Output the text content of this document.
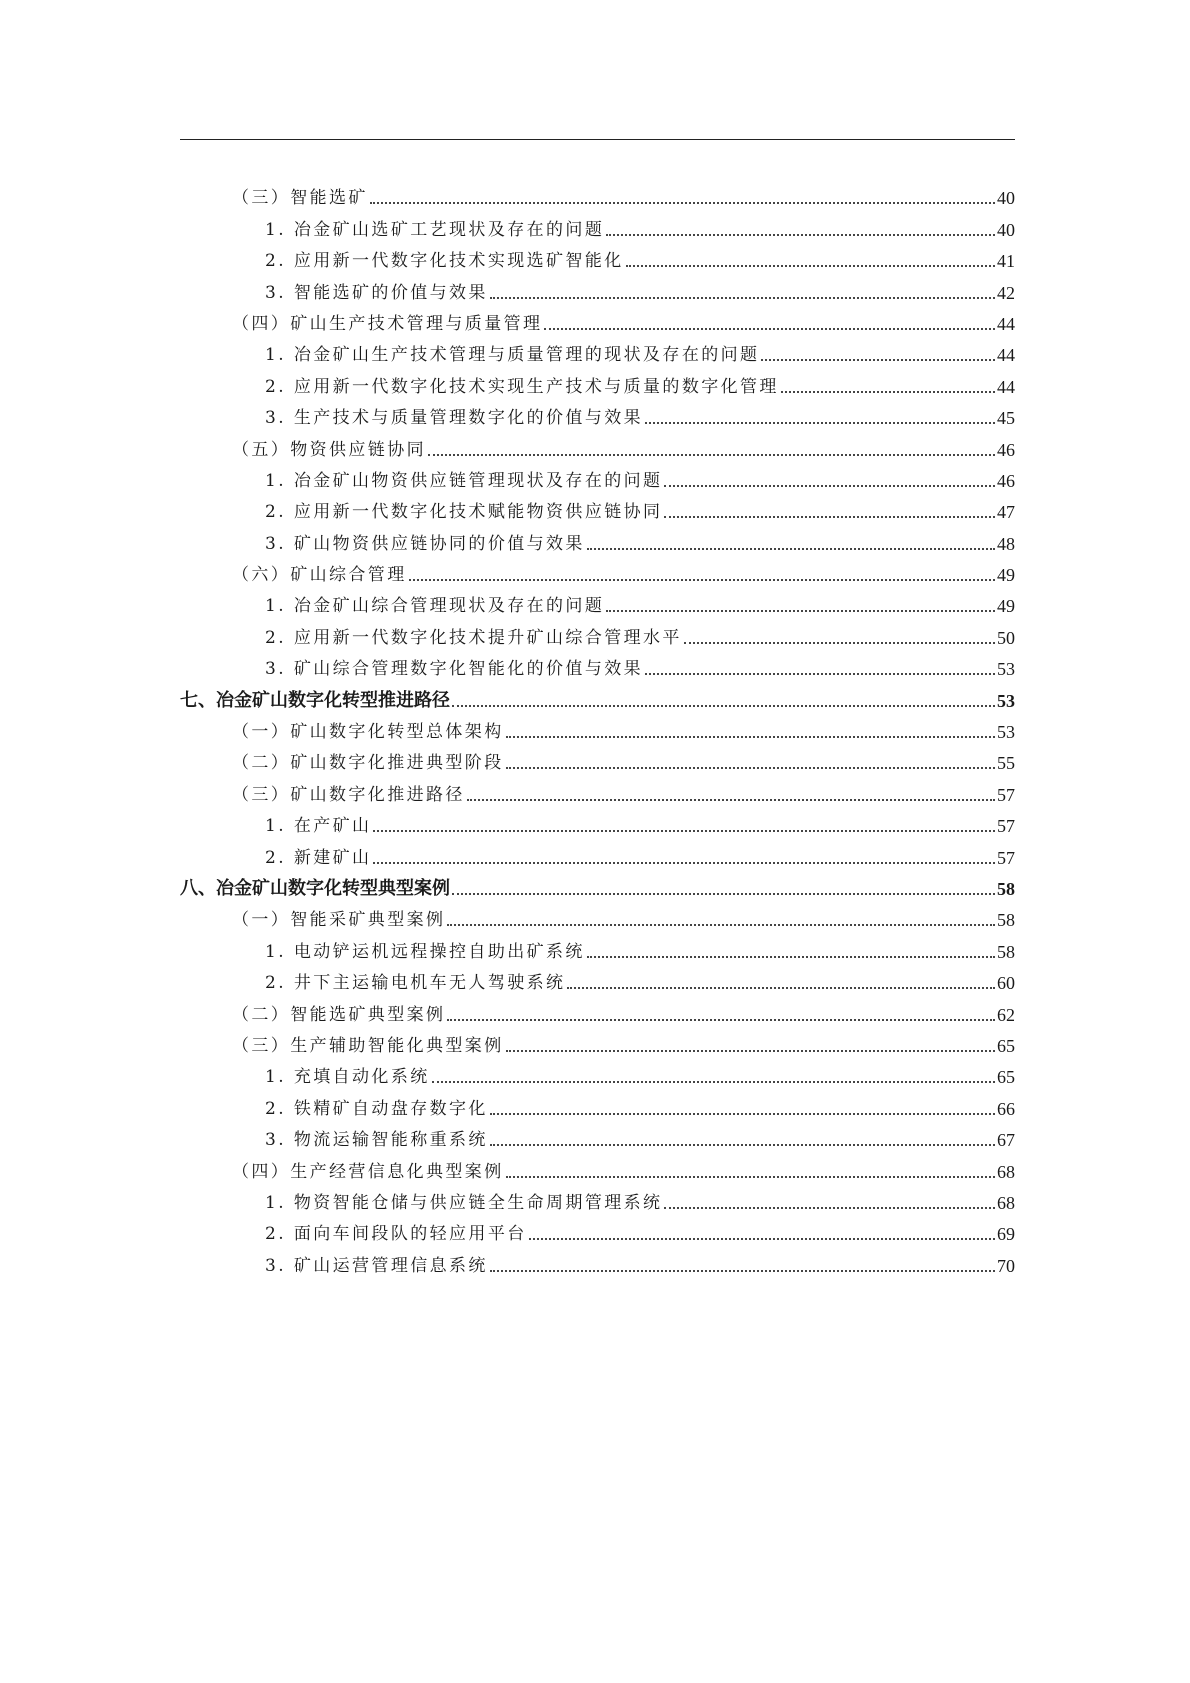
（三）智能选矿	40
1. 冶金矿山选矿工艺现状及存在的问题	40
2. 应用新一代数字化技术实现选矿智能化	41
3. 智能选矿的价值与效果	42
（四）矿山生产技术管理与质量管理	44
1. 冶金矿山生产技术管理与质量管理的现状及存在的问题	44
2. 应用新一代数字化技术实现生产技术与质量的数字化管理	44
3. 生产技术与质量管理数字化的价值与效果	45
（五）物资供应链协同	46
1. 冶金矿山物资供应链管理现状及存在的问题	46
2. 应用新一代数字化技术赋能物资供应链协同	47
3. 矿山物资供应链协同的价值与效果	48
（六）矿山综合管理	49
1. 冶金矿山综合管理现状及存在的问题	49
2. 应用新一代数字化技术提升矿山综合管理水平	50
3. 矿山综合管理数字化智能化的价值与效果	53
七、冶金矿山数字化转型推进路径	53
（一）矿山数字化转型总体架构	53
（二）矿山数字化推进典型阶段	55
（三）矿山数字化推进路径	57
1. 在产矿山	57
2. 新建矿山	57
八、冶金矿山数字化转型典型案例	58
（一）智能采矿典型案例	58
1. 电动铲运机远程操控自助出矿系统	58
2. 井下主运输电机车无人驾驶系统	60
（二）智能选矿典型案例	62
（三）生产辅助智能化典型案例	65
1. 充填自动化系统	65
2. 铁精矿自动盘存数字化	66
3. 物流运输智能称重系统	67
（四）生产经营信息化典型案例	68
1. 物资智能仓储与供应链全生命周期管理系统	68
2. 面向车间段队的轻应用平台	69
3. 矿山运营管理信息系统	70
